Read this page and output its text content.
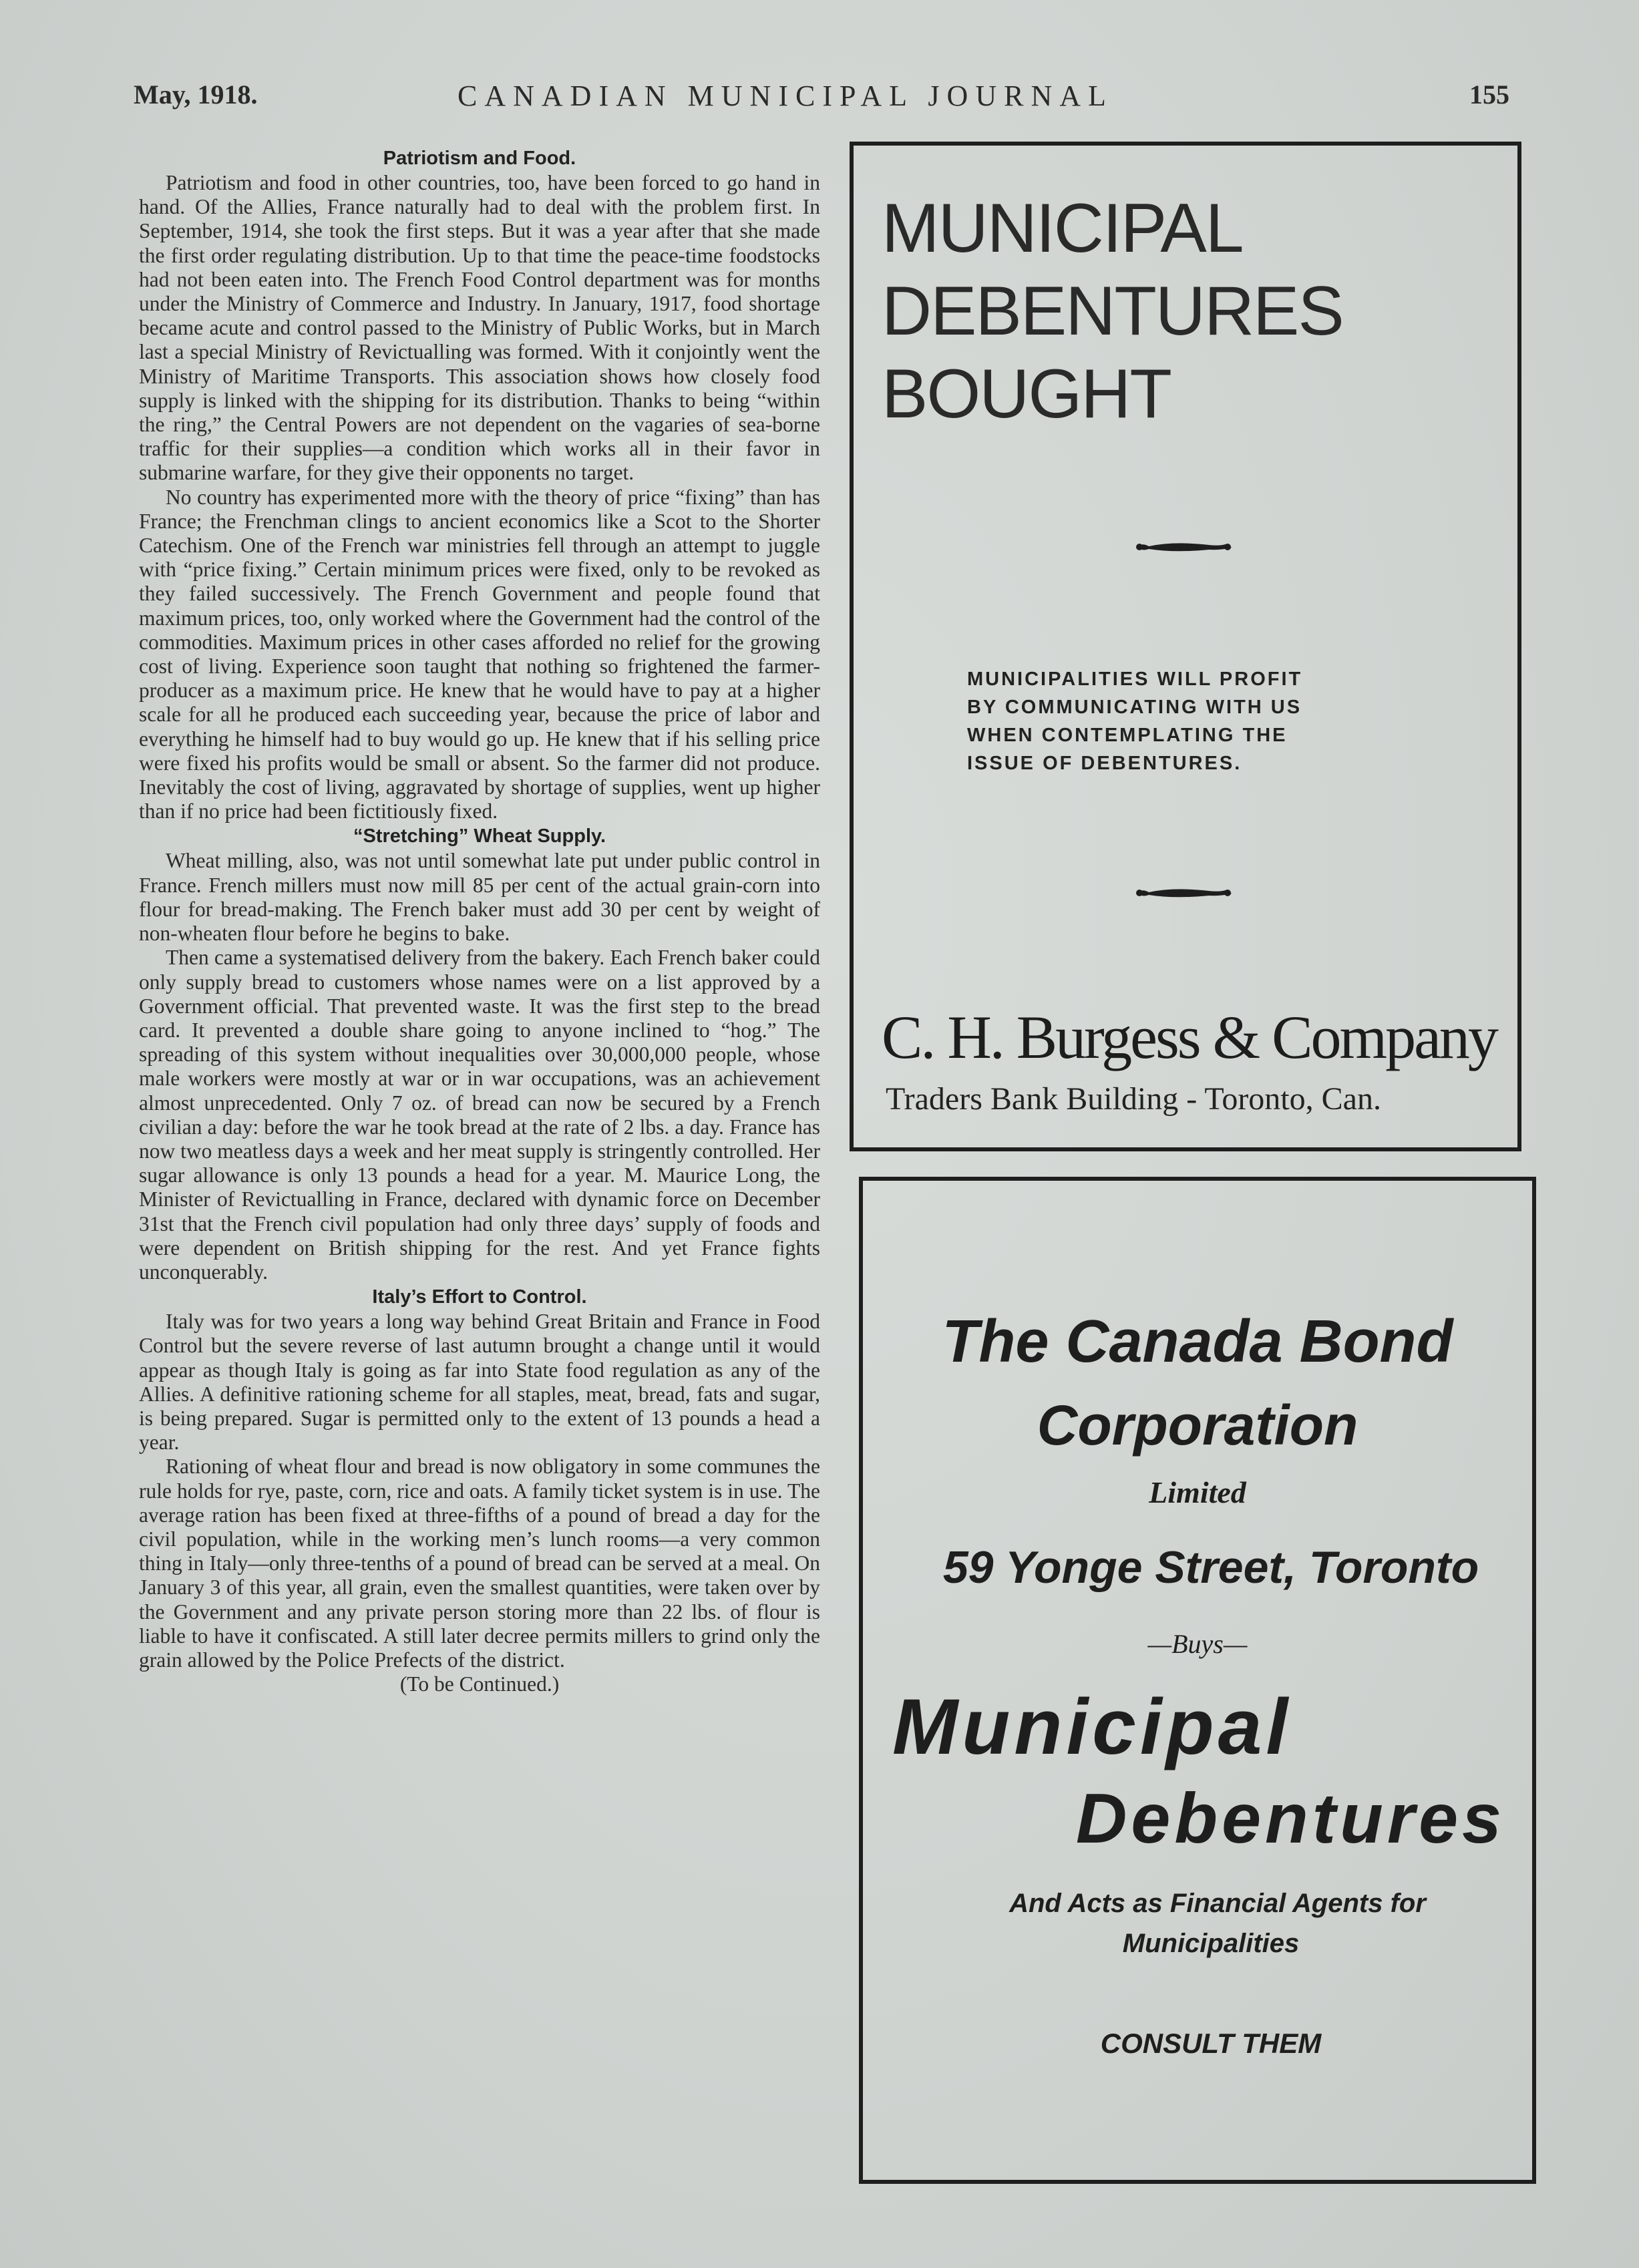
May, 1918.	CANADIAN MUNICIPAL JOURNAL	155
Patriotism and Food.

Patriotism and food in other countries, too, have been forced to go hand in hand. Of the Allies, France naturally had to deal with the problem first. In September, 1914, she took the first steps. But it was a year after that she made the first order regulating distribution. Up to that time the peace-time foodstocks had not been eaten into. The French Food Control department was for months under the Ministry of Commerce and Industry. In January, 1917, food shortage became acute and control passed to the Ministry of Public Works, but in March last a special Ministry of Revictualling was formed. With it conjointly went the Ministry of Maritime Transports. This association shows how closely food supply is linked with the shipping for its distribution. Thanks to being “within the ring,” the Central Powers are not dependent on the vagaries of sea-borne traffic for their supplies—a condition which works all in their favor in submarine warfare, for they give their opponents no target.

No country has experimented more with the theory of price “fixing” than has France; the Frenchman clings to ancient economics like a Scot to the Shorter Catechism. One of the French war ministries fell through an attempt to juggle with “price fixing.” Certain minimum prices were fixed, only to be revoked as they failed successively. The French Government and people found that maximum prices, too, only worked where the Government had the control of the commodities. Maximum prices in other cases afforded no relief for the growing cost of living. Experience soon taught that nothing so frightened the farmer-producer as a maximum price. He knew that he would have to pay at a higher scale for all he produced each succeeding year, because the price of labor and everything he himself had to buy would go up. He knew that if his selling price were fixed his profits would be small or absent. So the farmer did not produce. Inevitably the cost of living, aggravated by shortage of supplies, went up higher than if no price had been fictitiously fixed.

“Stretching” Wheat Supply.

Wheat milling, also, was not until somewhat late put under public control in France. French millers must now mill 85 per cent of the actual grain-corn into flour for bread-making. The French baker must add 30 per cent by weight of non-wheaten flour before he begins to bake.

Then came a systematised delivery from the bakery. Each French baker could only supply bread to customers whose names were on a list approved by a Government official. That prevented waste. It was the first step to the bread card. It prevented a double share going to anyone inclined to “hog.” The spreading of this system without inequalities over 30,000,000 people, whose male workers were mostly at war or in war occupations, was an achievement almost unprecedented. Only 7 oz. of bread can now be secured by a French civilian a day: before the war he took bread at the rate of 2 lbs. a day. France has now two meatless days a week and her meat supply is stringently controlled. Her sugar allowance is only 13 pounds a head for a year. M. Maurice Long, the Minister of Revictualling in France, declared with dynamic force on December 31st that the French civil population had only three days’ supply of foods and were dependent on British shipping for the rest. And yet France fights unconquerably.

Italy’s Effort to Control.

Italy was for two years a long way behind Great Britain and France in Food Control but the severe reverse of last autumn brought a change until it would appear as though Italy is going as far into State food regulation as any of the Allies. A definitive rationing scheme for all staples, meat, bread, fats and sugar, is being prepared. Sugar is permitted only to the extent of 13 pounds a head a year.

Rationing of wheat flour and bread is now obligatory in some communes the rule holds for rye, paste, corn, rice and oats. A family ticket system is in use. The average ration has been fixed at three-fifths of a pound of bread a day for the civil population, while in the working men’s lunch rooms—a very common thing in Italy—only three-tenths of a pound of bread can be served at a meal. On January 3 of this year, all grain, even the smallest quantities, were taken over by the Government and any private person storing more than 22 lbs. of flour is liable to have it confiscated. A still later decree permits millers to grind only the grain allowed by the Police Prefects of the district.

(To be Continued.)

MUNICIPAL
DEBENTURES
BOUGHT
MUNICIPALITIES WILL PROFIT
BY COMMUNICATING WITH US
WHEN CONTEMPLATING THE
ISSUE OF DEBENTURES.
C. H. Burgess & Company
Traders Bank Building - Toronto, Can.
The Canada Bond
Corporation
Limited
59 Yonge Street, Toronto
—Buys—
Municipal
Debentures
And Acts as Financial Agents for
Municipalities
CONSULT THEM
